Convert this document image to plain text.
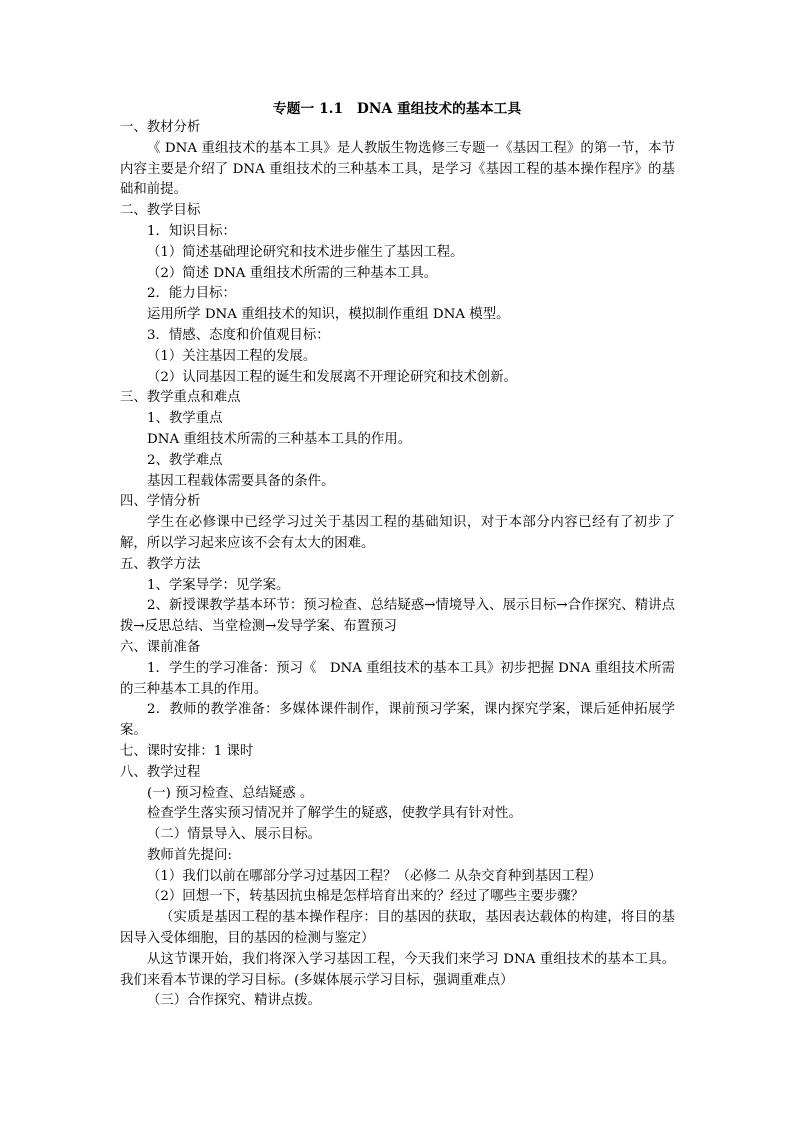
专题一 1.1　DNA 重组技术的基本工具

一、教材分析

《 DNA 重组技术的基本工具》是人教版生物选修三专题一《基因工程》的第一节，本节内容主要是介绍了 DNA 重组技术的三种基本工具，是学习《基因工程的基本操作程序》的基础和前提。

二、教学目标

1．知识目标：

（1）简述基础理论研究和技术进步催生了基因工程。

（2）简述 DNA 重组技术所需的三种基本工具。

2．能力目标：

运用所学 DNA 重组技术的知识，模拟制作重组 DNA 模型。

3．情感、态度和价值观目标：

（1）关注基因工程的发展。

（2）认同基因工程的诞生和发展离不开理论研究和技术创新。

三、教学重点和难点

1、教学重点

DNA 重组技术所需的三种基本工具的作用。

2、教学难点

基因工程载体需要具备的条件。

四、学情分析

学生在必修课中已经学习过关于基因工程的基础知识，对于本部分内容已经有了初步了解，所以学习起来应该不会有太大的困难。

五、教学方法

1、学案导学：见学案。

2、新授课教学基本环节：预习检查、总结疑惑→情境导入、展示目标→合作探究、精讲点拨→反思总结、当堂检测→发导学案、布置预习

六、课前准备

1．学生的学习准备：预习《　DNA 重组技术的基本工具》初步把握 DNA 重组技术所需的三种基本工具的作用。

2．教师的教学准备：多媒体课件制作，课前预习学案，课内探究学案，课后延伸拓展学案。

七、课时安排：1 课时

八、教学过程

(一) 预习检查、总结疑惑 。

检查学生落实预习情况并了解学生的疑惑，使教学具有针对性。

（二）情景导入、展示目标。

教师首先提问:

（1）我们以前在哪部分学习过基因工程？（必修二 从杂交育种到基因工程）

（2）回想一下，转基因抗虫棉是怎样培育出来的？经过了哪些主要步骤？

（实质是基因工程的基本操作程序：目的基因的获取，基因表达载体的构建，将目的基因导入受体细胞，目的基因的检测与鉴定）

从这节课开始，我们将深入学习基因工程，今天我们来学习 DNA 重组技术的基本工具。我们来看本节课的学习目标。(多媒体展示学习目标，强调重难点）

（三）合作探究、精讲点拨。
